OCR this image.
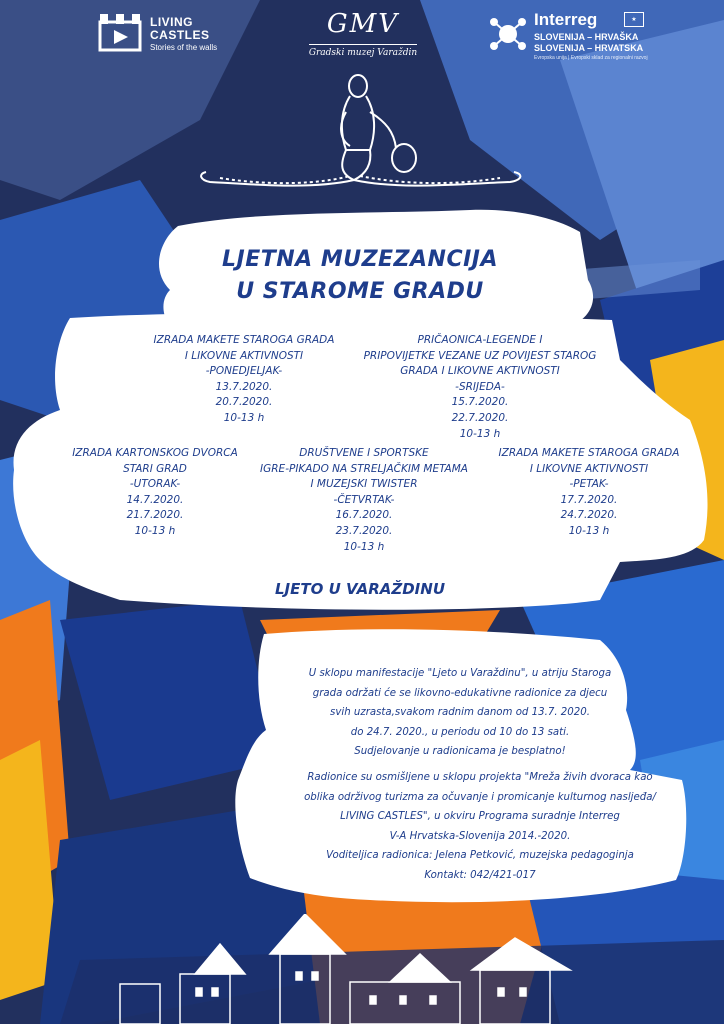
LIVING CASTLES
Stories of the walls
GMV
Gradski muzej Varaždin
Interreg	★
SLOVENIJA – HRVAŠKA
SLOVENIJA – HRVATSKA
Evropska unija | Evropski sklad za regionalni razvoj
LJETNA MUZEZANCIJA
U STAROME GRADU
IZRADA MAKETE STAROGA GRADA
I LIKOVNE AKTIVNOSTI
-PONEDJELJAK-
13.7.2020.
20.7.2020.
10-13 h
PRIČAONICA-LEGENDE I
PRIPOVIJETKE VEZANE UZ POVIJEST STAROG
GRADA I LIKOVNE AKTIVNOSTI
-SRIJEDA-
15.7.2020.
22.7.2020.
10-13 h
IZRADA KARTONSKOG DVORCA
STARI GRAD
-UTORAK-
14.7.2020.
21.7.2020.
10-13 h
DRUŠTVENE I SPORTSKE
IGRE-PIKADO NA STRELJAČKIM METAMA
I MUZEJSKI TWISTER
-ČETVRTAK-
16.7.2020.
23.7.2020.
10-13 h
IZRADA MAKETE STAROGA GRADA
I LIKOVNE AKTIVNOSTI
-PETAK-
17.7.2020.
24.7.2020.
10-13 h
LJETO U VARAŽDINU
U sklopu manifestacije "Ljeto u Varaždinu", u atriju Staroga
grada održati će se likovno-edukativne radionice za djecu
svih uzrasta,svakom radnim danom od 13.7. 2020.
do 24.7. 2020., u periodu od 10 do 13 sati.
Sudjelovanje u radionicama je besplatno!
Radionice su osmišljene u sklopu projekta "Mreža živih dvoraca kao
oblika održivog turizma za očuvanje i promicanje kulturnog nasljeđa/
LIVING CASTLES", u okviru Programa suradnje Interreg
V-A Hrvatska-Slovenija 2014.-2020.
Voditeljica radionica: Jelena Petković, muzejska pedagoginja
Kontakt: 042/421-017
